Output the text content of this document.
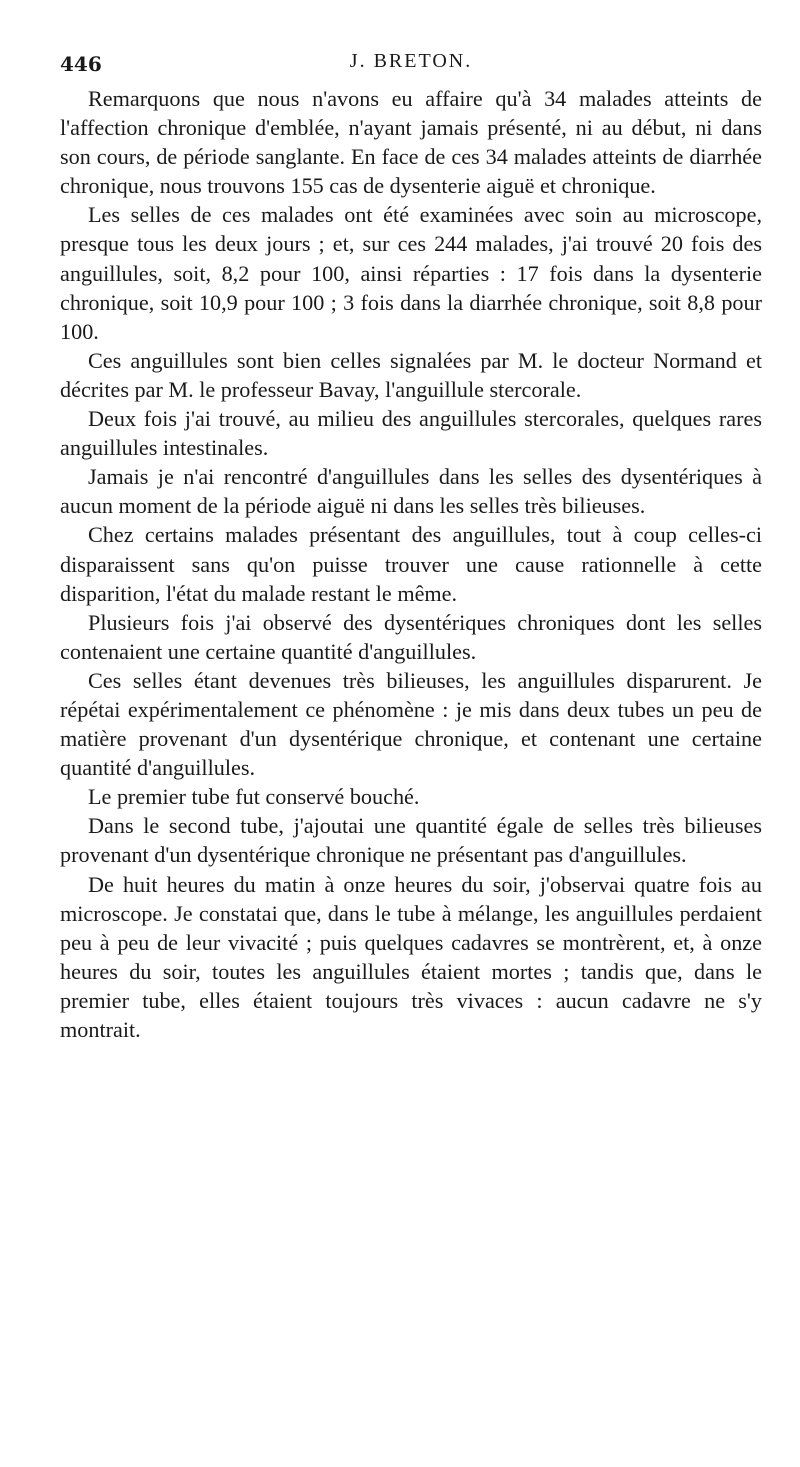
446	J. BRETON.

Remarquons que nous n'avons eu affaire qu'à 34 malades atteints de l'affection chronique d'emblée, n'ayant jamais présenté, ni au début, ni dans son cours, de période sanglante. En face de ces 34 malades atteints de diarrhée chronique, nous trouvons 155 cas de dysenterie aiguë et chronique.

Les selles de ces malades ont été examinées avec soin au microscope, presque tous les deux jours ; et, sur ces 244 malades, j'ai trouvé 20 fois des anguillules, soit, 8,2 pour 100, ainsi réparties : 17 fois dans la dysenterie chronique, soit 10,9 pour 100 ; 3 fois dans la diarrhée chronique, soit 8,8 pour 100.

Ces anguillules sont bien celles signalées par M. le docteur Normand et décrites par M. le professeur Bavay, l'anguillule stercorale.

Deux fois j'ai trouvé, au milieu des anguillules stercorales, quelques rares anguillules intestinales.

Jamais je n'ai rencontré d'anguillules dans les selles des dysentériques à aucun moment de la période aiguë ni dans les selles très bilieuses.

Chez certains malades présentant des anguillules, tout à coup celles-ci disparaissent sans qu'on puisse trouver une cause rationnelle à cette disparition, l'état du malade restant le même.

Plusieurs fois j'ai observé des dysentériques chroniques dont les selles contenaient une certaine quantité d'anguillules.

Ces selles étant devenues très bilieuses, les anguillules disparurent. Je répétai expérimentalement ce phénomène : je mis dans deux tubes un peu de matière provenant d'un dysentérique chronique, et contenant une certaine quantité d'anguillules.

Le premier tube fut conservé bouché.

Dans le second tube, j'ajoutai une quantité égale de selles très bilieuses provenant d'un dysentérique chronique ne présentant pas d'anguillules.

De huit heures du matin à onze heures du soir, j'observai quatre fois au microscope. Je constatai que, dans le tube à mélange, les anguillules perdaient peu à peu de leur vivacité ; puis quelques cadavres se montrèrent, et, à onze heures du soir, toutes les anguillules étaient mortes ; tandis que, dans le premier tube, elles étaient toujours très vivaces : aucun cadavre ne s'y montrait.
